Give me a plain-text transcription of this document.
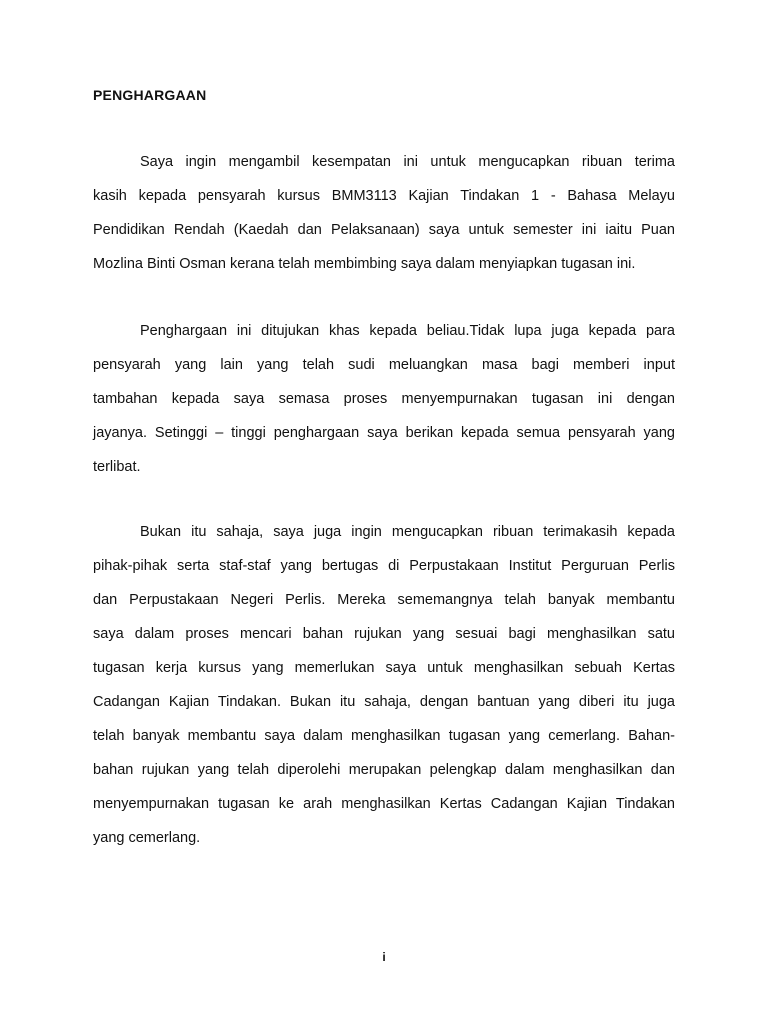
PENGHARGAAN
Saya ingin mengambil kesempatan ini untuk mengucapkan ribuan terima
kasih kepada pensyarah kursus BMM3113 Kajian Tindakan 1 - Bahasa Melayu
Pendidikan Rendah (Kaedah dan Pelaksanaan) saya untuk semester ini iaitu Puan
Mozlina Binti Osman kerana telah membimbing saya dalam menyiapkan tugasan ini.
Penghargaan ini ditujukan khas kepada beliau.Tidak lupa juga kepada para
pensyarah yang lain yang telah sudi meluangkan masa bagi memberi input
tambahan kepada saya semasa proses menyempurnakan tugasan ini dengan
jayanya. Setinggi – tinggi penghargaan saya berikan kepada semua pensyarah yang
terlibat.
Bukan itu sahaja, saya juga ingin mengucapkan ribuan terimakasih kepada
pihak-pihak serta staf-staf yang bertugas di Perpustakaan Institut Perguruan Perlis
dan Perpustakaan Negeri Perlis. Mereka sememangnya telah banyak membantu
saya dalam proses mencari bahan rujukan yang sesuai bagi menghasilkan satu
tugasan kerja kursus yang memerlukan saya untuk menghasilkan sebuah Kertas
Cadangan Kajian Tindakan. Bukan itu sahaja, dengan bantuan yang diberi itu juga
telah banyak membantu saya dalam menghasilkan tugasan yang cemerlang. Bahan-
bahan rujukan yang telah diperolehi merupakan pelengkap dalam menghasilkan dan
menyempurnakan tugasan ke arah menghasilkan Kertas Cadangan Kajian Tindakan
yang cemerlang.
i
